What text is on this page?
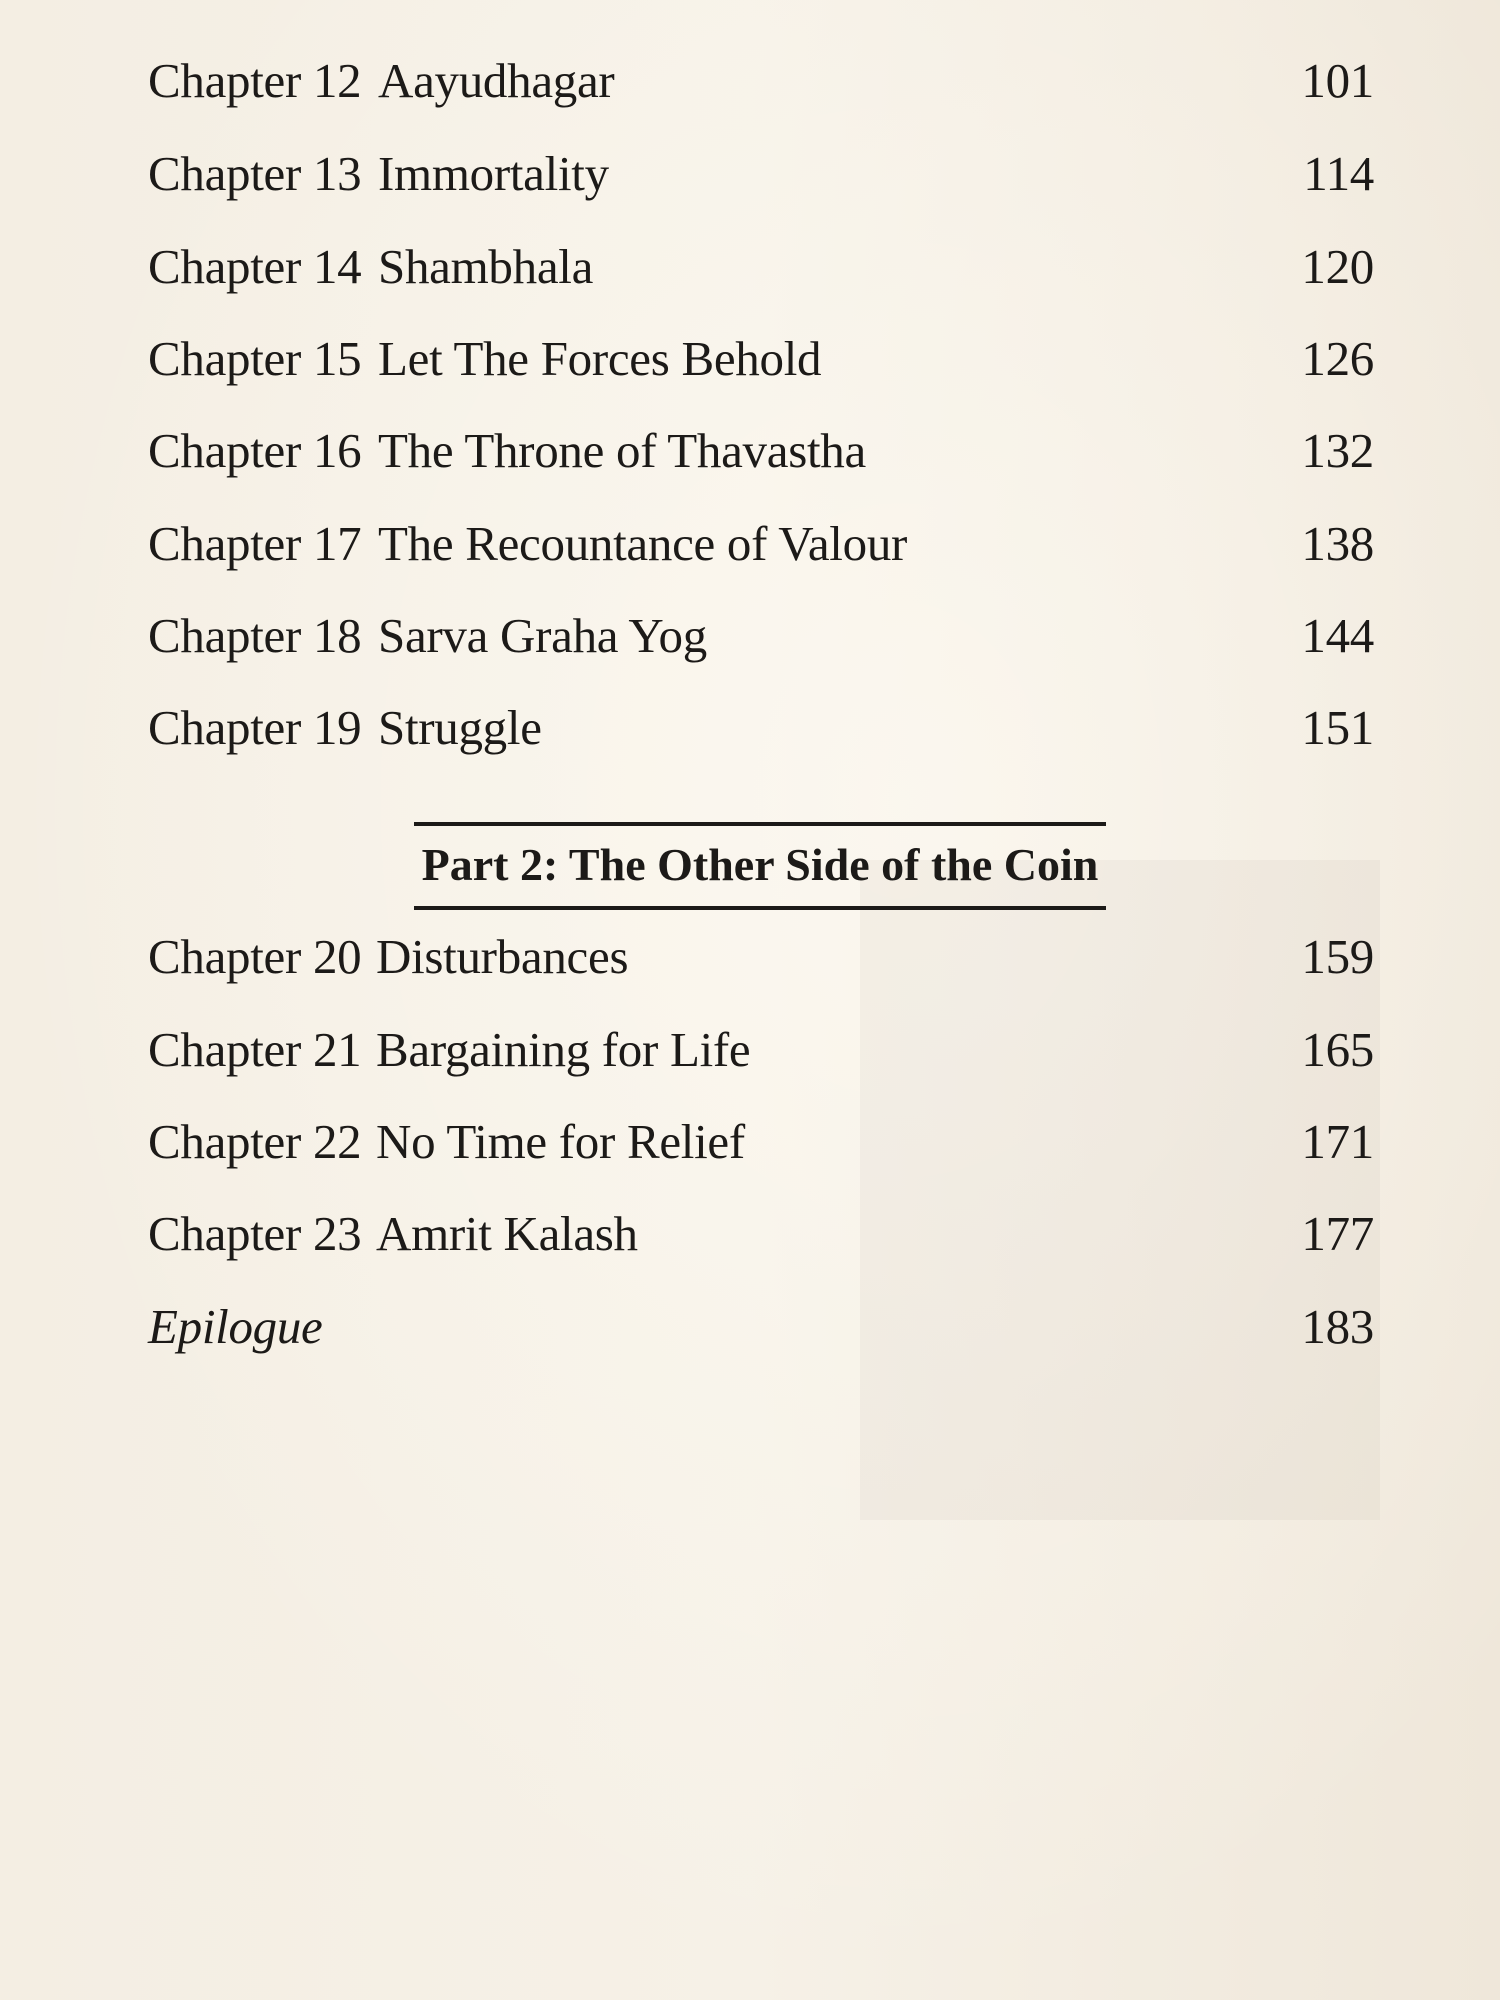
Chapter 12 Aayudhagar	101
Chapter 13 Immortality	114
Chapter 14 Shambhala	120
Chapter 15 Let The Forces Behold	126
Chapter 16 The Throne of Thavastha	132
Chapter 17 The Recountance of Valour	138
Chapter 18 Sarva Graha Yog	144
Chapter 19 Struggle	151
Part 2: The Other Side of the Coin
Chapter 20 Disturbances	159
Chapter 21 Bargaining for Life	165
Chapter 22 No Time for Relief	171
Chapter 23 Amrit Kalash	177
Epilogue	183
